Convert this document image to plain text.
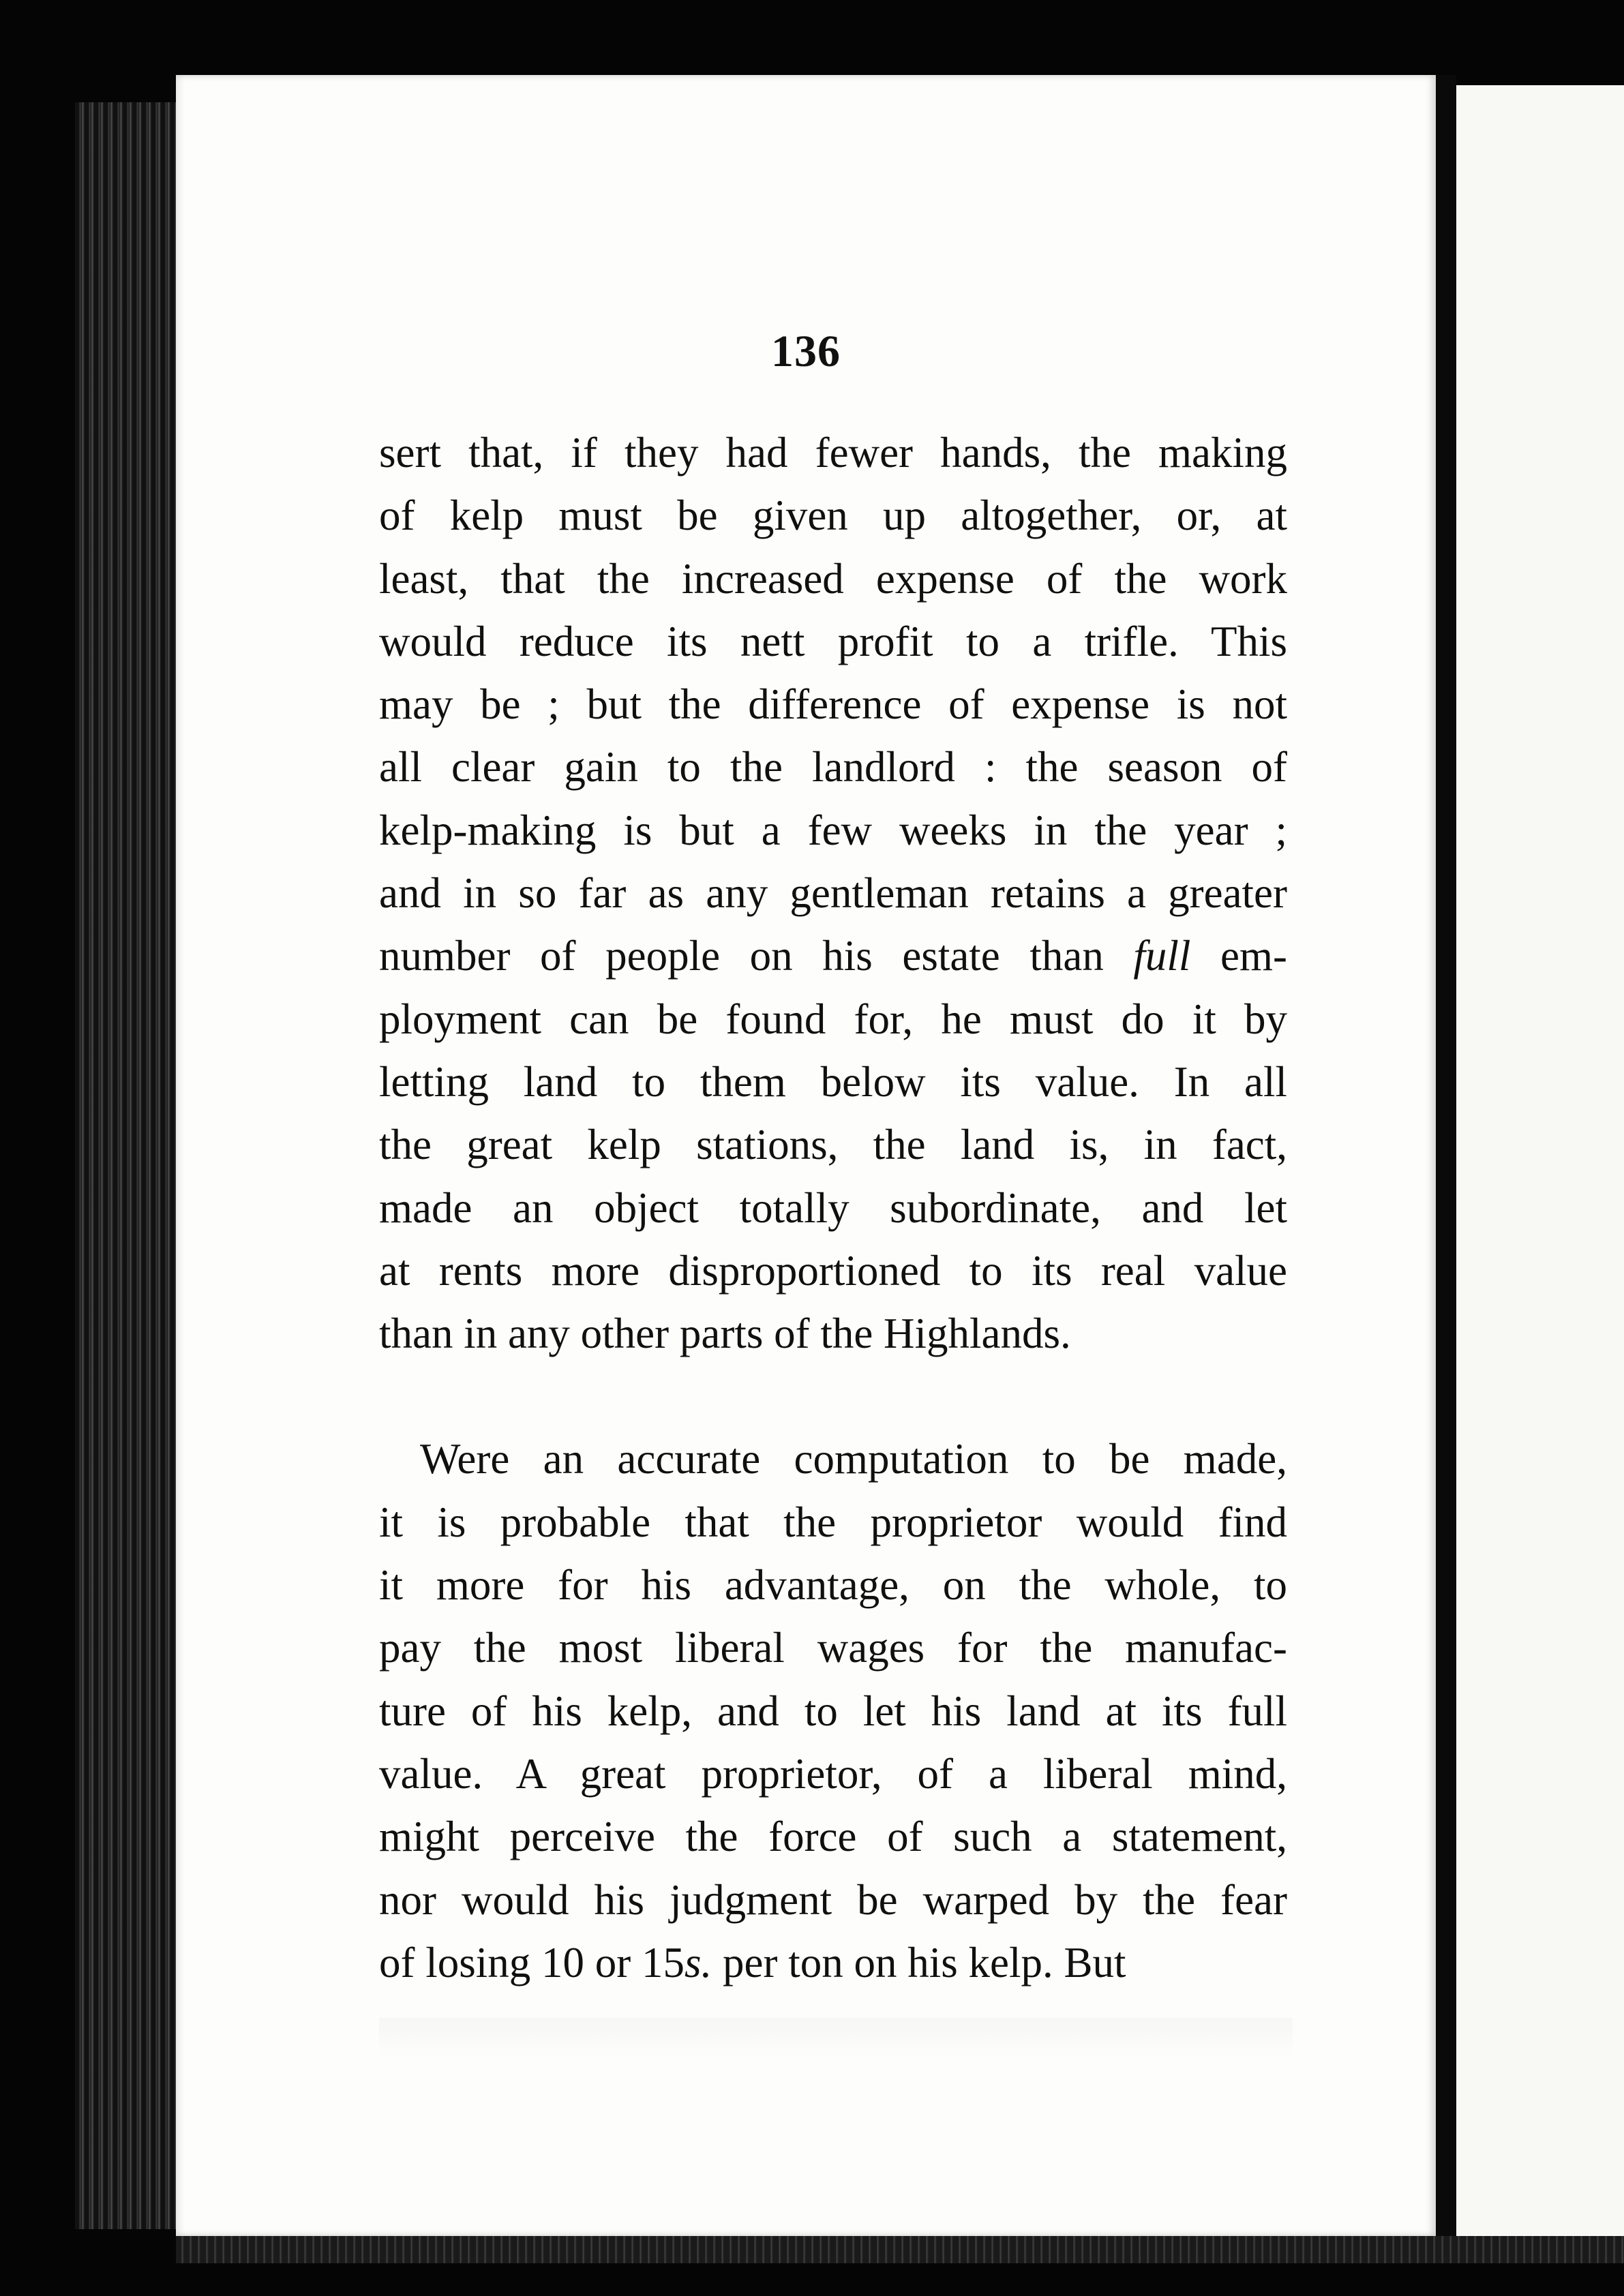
136
sert that, if they had fewer hands, the making
of kelp must be given up altogether, or, at
least, that the increased expense of the work
would reduce its nett profit to a trifle. This
may be ; but the difference of expense is not
all clear gain to the landlord : the season of
kelp-making is but a few weeks in the year ;
and in so far as any gentleman retains a greater
number of people on his estate than full em-
ployment can be found for, he must do it by
letting land to them below its value. In all
the great kelp stations, the land is, in fact,
made an object totally subordinate, and let
at rents more disproportioned to its real value
than in any other parts of the Highlands.
Were an accurate computation to be made,
it is probable that the proprietor would find
it more for his advantage, on the whole, to
pay the most liberal wages for the manufac-
ture of his kelp, and to let his land at its full
value. A great proprietor, of a liberal mind,
might perceive the force of such a statement,
nor would his judgment be warped by the fear
of losing 10 or 15s. per ton on his kelp. But
